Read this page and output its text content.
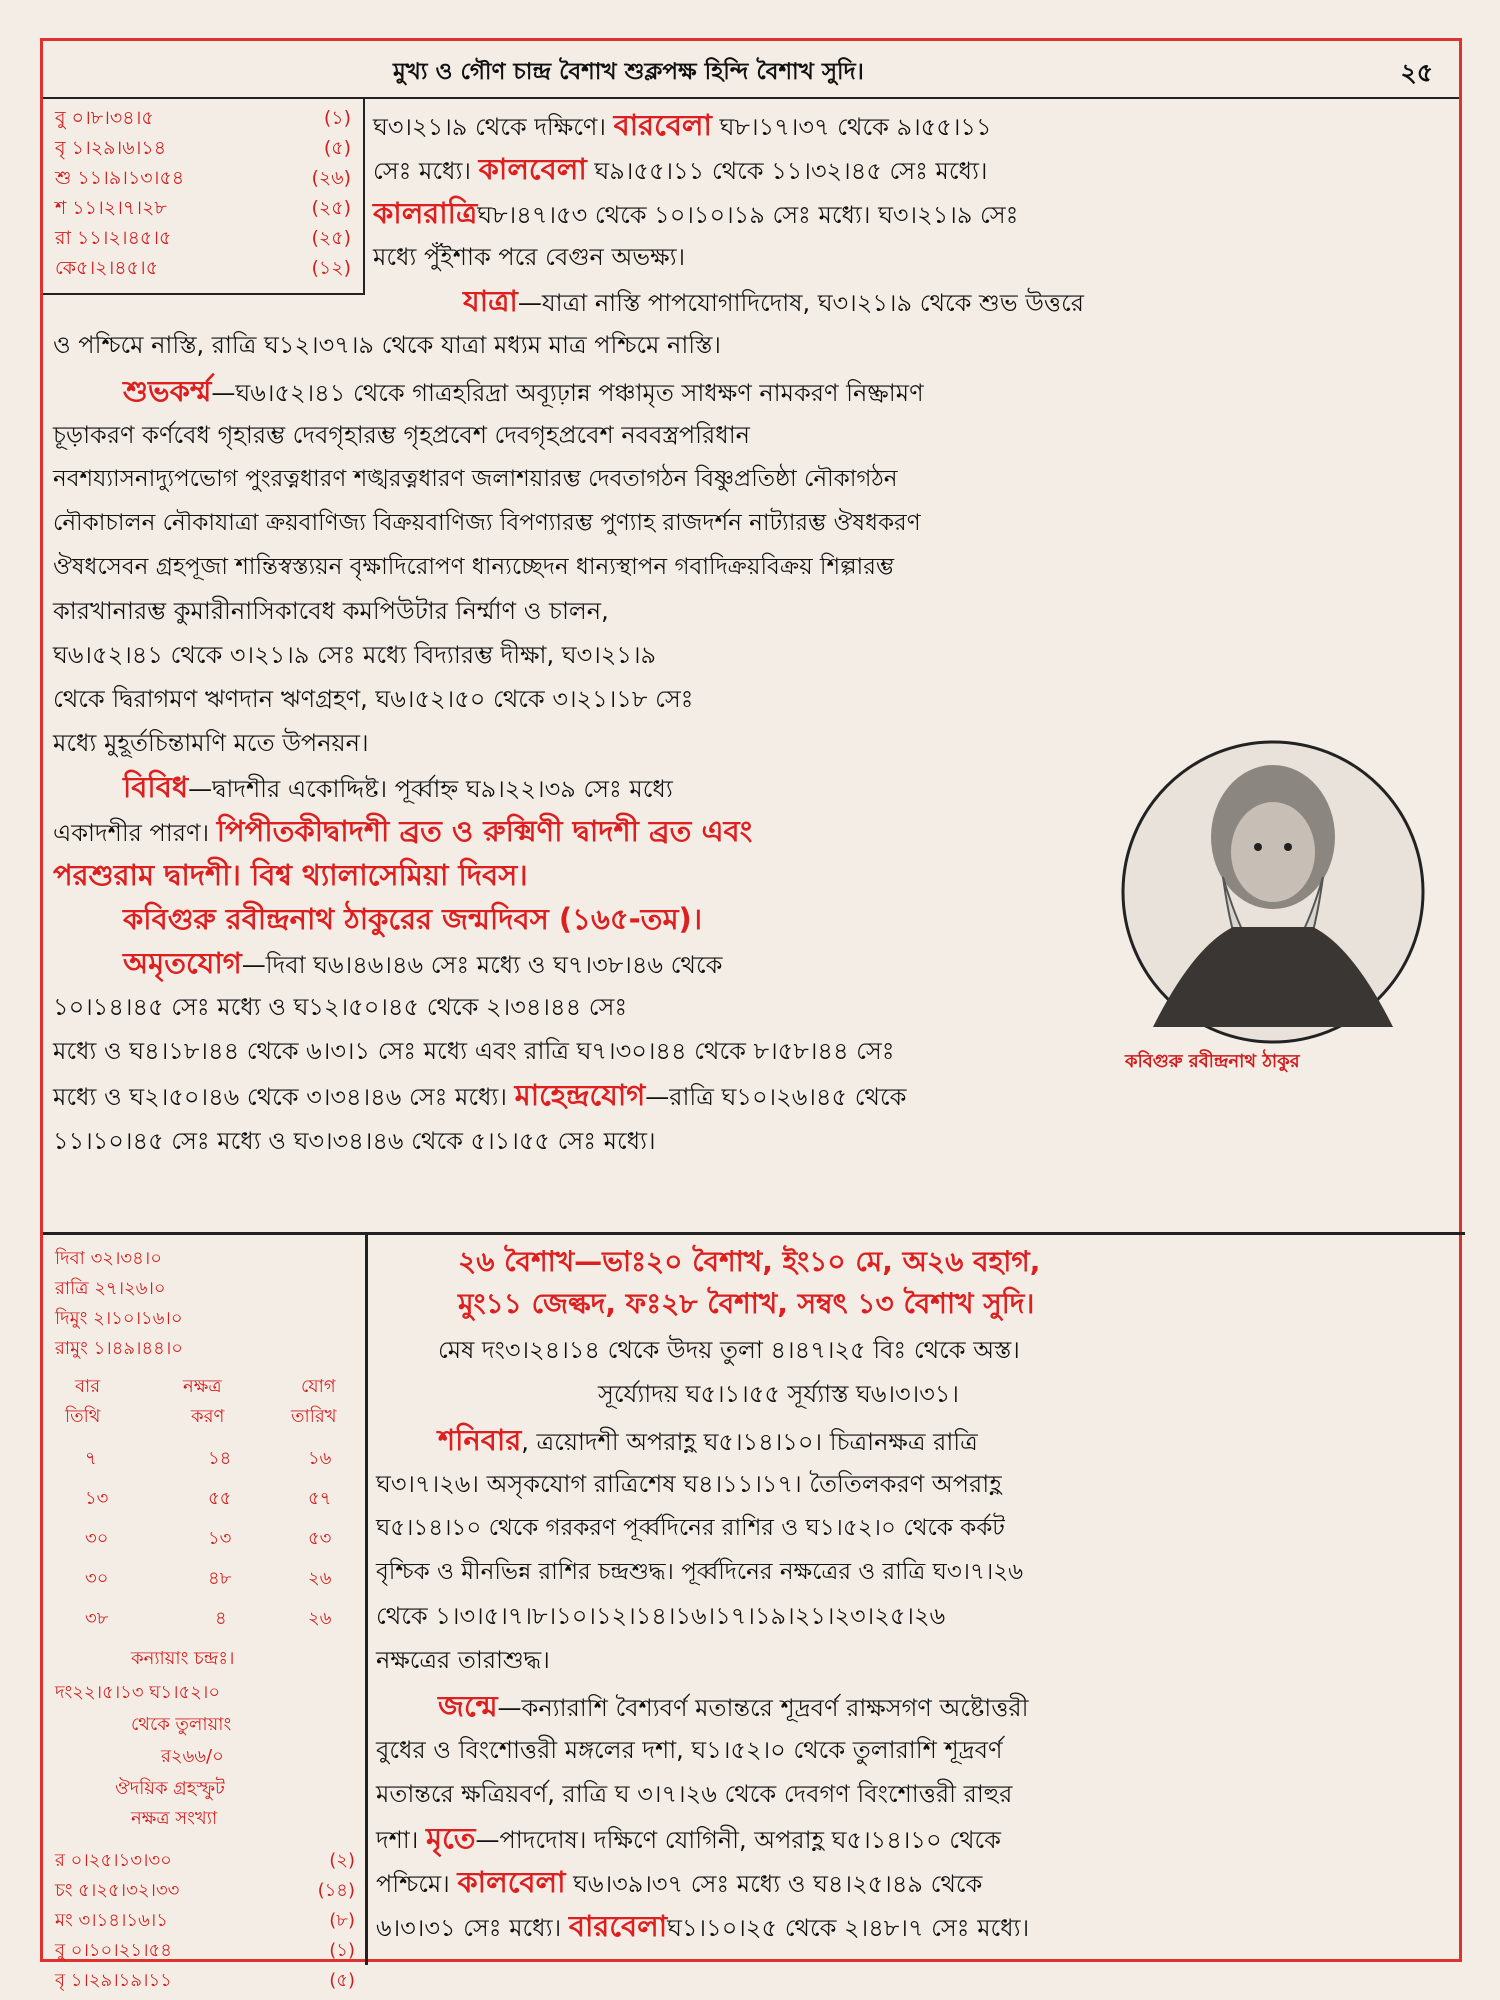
মুখ্য ও গৌণ চান্দ্র বৈশাখ শুক্লপক্ষ হিন্দি বৈশাখ সুদি।	২৫
বু ০।৮।৩৪।৫	(১)
বৃ ১।২৯।৬।১৪	(৫)
শু ১১।৯।১৩।৫৪	(২৬)
শ ১১।২।৭।২৮	(২৫)
রা ১১।২।৪৫।৫	(২৫)
কে৫।২।৪৫।৫	(১২)
ঘ৩।২১।৯ থেকে দক্ষিণে। বারবেলা ঘ৮।১৭।৩৭ থেকে ৯।৫৫।১১
সেঃ মধ্যে। কালবেলা ঘ৯।৫৫।১১ থেকে ১১।৩২।৪৫ সেঃ মধ্যে।
কালরাত্রিঘ৮।৪৭।৫৩ থেকে ১০।১০।১৯ সেঃ মধ্যে। ঘ৩।২১।৯ সেঃ
মধ্যে পুঁইশাক পরে বেগুন অভক্ষ্য।
যাত্রা—যাত্রা নাস্তি পাপযোগাদিদোষ, ঘ৩।২১।৯ থেকে শুভ উত্তরে
ও পশ্চিমে নাস্তি, রাত্রি ঘ১২।৩৭।৯ থেকে যাত্রা মধ্যম মাত্র পশ্চিমে নাস্তি।
শুভকর্ম্ম—ঘ৬।৫২।৪১ থেকে গাত্রহরিদ্রা অব্যূঢ়ান্ন পঞ্চামৃত সাধক্ষণ নামকরণ নিষ্ক্রামণ
চূড়াকরণ কর্ণবেধ গৃহারম্ভ দেবগৃহারম্ভ গৃহপ্রবেশ দেবগৃহপ্রবেশ নববস্ত্রপরিধান
নবশয্যাসনাদ্যুপভোগ পুংরত্নধারণ শঙ্খরত্নধারণ জলাশয়ারম্ভ দেবতাগঠন বিষ্ণুপ্রতিষ্ঠা নৌকাগঠন
নৌকাচালন নৌকাযাত্রা ক্রয়বাণিজ্য বিক্রয়বাণিজ্য বিপণ্যারম্ভ পুণ্যাহ রাজদর্শন নাট্যারম্ভ ঔষধকরণ
ঔষধসেবন গ্রহপূজা শান্তিস্বস্ত্যয়ন বৃক্ষাদিরোপণ ধান্যচ্ছেদন ধান্যস্থাপন গবাদিক্রয়বিক্রয় শিল্পারম্ভ
কারখানারম্ভ কুমারীনাসিকাবেধ কমপিউটার নির্ম্মাণ ও চালন,
ঘ৬।৫২।৪১ থেকে ৩।২১।৯ সেঃ মধ্যে বিদ্যারম্ভ দীক্ষা, ঘ৩।২১।৯
থেকে দ্বিরাগমণ ঋণদান ঋণগ্রহণ, ঘ৬।৫২।৫০ থেকে ৩।২১।১৮ সেঃ
মধ্যে মুহূর্তচিন্তামণি মতে উপনয়ন।
বিবিধ—দ্বাদশীর একোদ্দিষ্ট। পূর্ব্বাহ্ন ঘ৯।২২।৩৯ সেঃ মধ্যে
একাদশীর পারণ। পিপীতকীদ্বাদশী ব্রত ও রুক্মিণী দ্বাদশী ব্রত এবং
পরশুরাম দ্বাদশী। বিশ্ব থ্যালাসেমিয়া দিবস।
কবিগুরু রবীন্দ্রনাথ ঠাকুরের জন্মদিবস (১৬৫-তম)।
অমৃতযোগ—দিবা ঘ৬।৪৬।৪৬ সেঃ মধ্যে ও ঘ৭।৩৮।৪৬ থেকে
১০।১৪।৪৫ সেঃ মধ্যে ও ঘ১২।৫০।৪৫ থেকে ২।৩৪।৪৪ সেঃ
মধ্যে ও ঘ৪।১৮।৪৪ থেকে ৬।৩।১ সেঃ মধ্যে এবং রাত্রি ঘ৭।৩০।৪৪ থেকে ৮।৫৮।৪৪ সেঃ
মধ্যে ও ঘ২।৫০।৪৬ থেকে ৩।৩৪।৪৬ সেঃ মধ্যে। মাহেন্দ্রযোগ—রাত্রি ঘ১০।২৬।৪৫ থেকে
১১।১০।৪৫ সেঃ মধ্যে ও ঘ৩।৩৪।৪৬ থেকে ৫।১।৫৫ সেঃ মধ্যে।
কবিগুরু রবীন্দ্রনাথ ঠাকুর
দিবা ৩২।৩৪।০
রাত্রি ২৭।২৬।০
দিমুং ২।১০।১৬।০
রামুং ১।৪৯।৪৪।০
বার	নক্ষত্র	যোগ
তিথি	করণ	তারিখ
৭	১৪	১৬
১৩	৫৫	৫৭
৩০	১৩	৫৩
৩০	৪৮	২৬
৩৮	৪	২৬
কন্যায়াং চন্দ্রঃ।
দং২২।৫।১৩ ঘ১।৫২।০
থেকে তুলায়াং
র২৬৬/০
ঔদয়িক গ্রহস্ফুট
নক্ষত্র সংখ্যা
র ০।২৫।১৩।৩০	(২)
চং ৫।২৫।৩২।৩৩	(১৪)
মং ৩।১৪।১৬।১	(৮)
বু ০।১০।২১।৫৪	(১)
বৃ ১।২৯।১৯।১১	(৫)
২৬ বৈশাখ—ভাঃ২০ বৈশাখ, ইং১০ মে, অ২৬ বহাগ,
মুং১১ জেল্কদ, ফঃ২৮ বৈশাখ, সম্বৎ ১৩ বৈশাখ সুদি।
মেষ দং৩।২৪।১৪ থেকে উদয় তুলা ৪।৪৭।২৫ বিঃ থেকে অস্ত।
সূর্য্যোদয় ঘ৫।১।৫৫ সূর্য্যাস্ত ঘ৬।৩।৩১।
শনিবার, ত্রয়োদশী অপরাহ্ণ ঘ৫।১৪।১০। চিত্রানক্ষত্র রাত্রি
ঘ৩।৭।২৬। অসৃকযোগ রাত্রিশেষ ঘ৪।১১।১৭। তৈতিলকরণ অপরাহ্ণ
ঘ৫।১৪।১০ থেকে গরকরণ পূর্ব্বদিনের রাশির ও ঘ১।৫২।০ থেকে কর্কট
বৃশ্চিক ও মীনভিন্ন রাশির চন্দ্রশুদ্ধ। পূর্ব্বদিনের নক্ষত্রের ও রাত্রি ঘ৩।৭।২৬
থেকে ১।৩।৫।৭।৮।১০।১২।১৪।১৬।১৭।১৯।২১।২৩।২৫।২৬
নক্ষত্রের তারাশুদ্ধ।
জন্মে—কন্যারাশি বৈশ্যবর্ণ মতান্তরে শূদ্রবর্ণ রাক্ষসগণ অষ্টোত্তরী
বুধের ও বিংশোত্তরী মঙ্গলের দশা, ঘ১।৫২।০ থেকে তুলারাশি শূদ্রবর্ণ
মতান্তরে ক্ষত্রিয়বর্ণ, রাত্রি ঘ ৩।৭।২৬ থেকে দেবগণ বিংশোত্তরী রাহুর
দশা। মৃতে—পাদদোষ। দক্ষিণে যোগিনী, অপরাহ্ণ ঘ৫।১৪।১০ থেকে
পশ্চিমে। কালবেলা ঘ৬।৩৯।৩৭ সেঃ মধ্যে ও ঘ৪।২৫।৪৯ থেকে
৬।৩।৩১ সেঃ মধ্যে। বারবেলাঘ১।১০।২৫ থেকে ২।৪৮।৭ সেঃ মধ্যে।
